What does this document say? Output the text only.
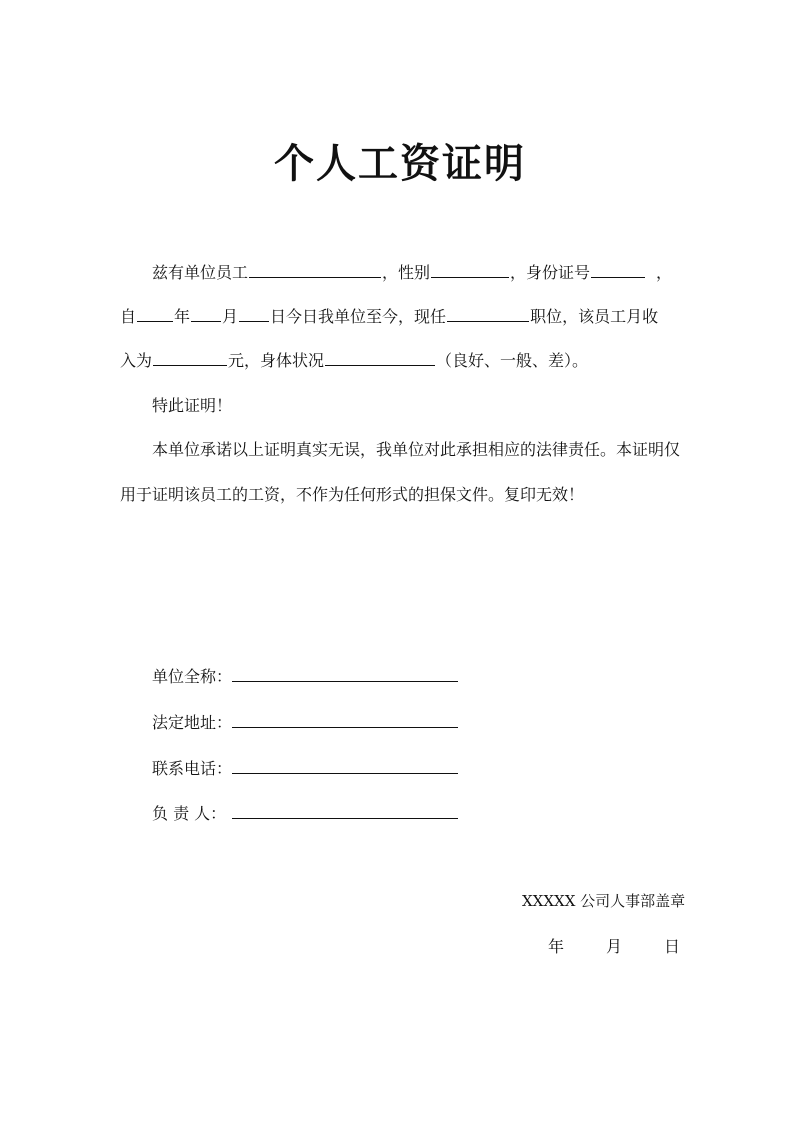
个人工资证明
兹有单位员工	，性别	，身份证号	，
自 年 月 日今日我单位至今，现任	职位，该员工月收
入为	元，身体状况	（良好、一般、差）。
特此证明！
本单位承诺以上证明真实无误，我单位对此承担相应的法律责任。本证明仅
用于证明该员工的工资，不作为任何形式的担保文件。复印无效！
单位全称：
法定地址：
联系电话：
负 责 人：
XXXXX 公司人事部盖章
年	月	日
